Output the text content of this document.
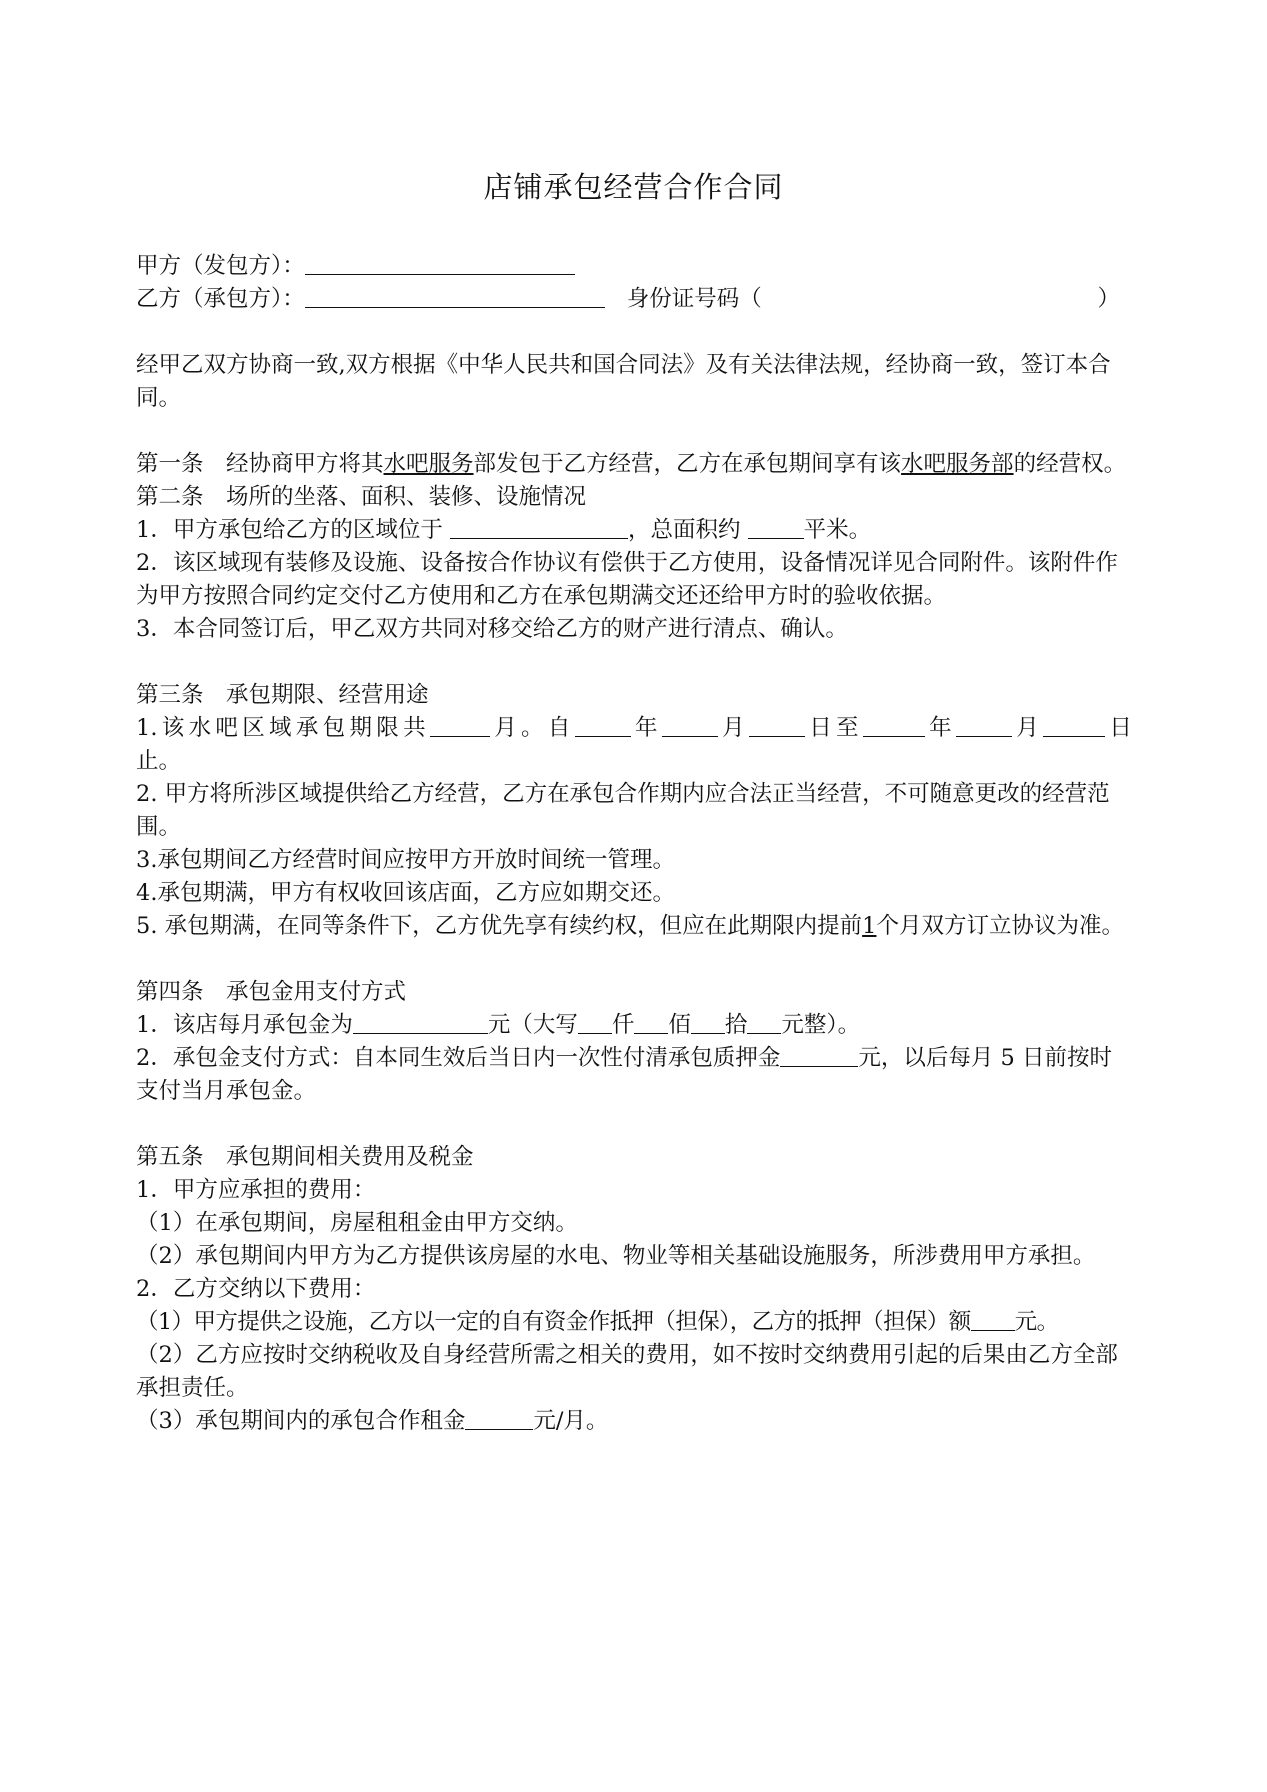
店铺承包经营合作合同

甲方（发包方）：

乙方（承包方）：	身份证号码（	）

经甲乙双方协商一致,双方根据《中华人民共和国合同法》及有关法律法规，经协商一致，签订本合同。

第一条　经协商甲方将其水吧服务部发包于乙方经营，乙方在承包期间享有该水吧服务部的经营权。

第二条　场所的坐落、面积、装修、设施情况

1．甲方承包给乙方的区域位于	，总面积约 平米。

2．该区域现有装修及设施、设备按合作协议有偿供于乙方使用，设备情况详见合同附件。该附件作为甲方按照合同约定交付乙方使用和乙方在承包期满交还还给甲方时的验收依据。

3．本合同签订后，甲乙双方共同对移交给乙方的财产进行清点、确认。

第三条　承包期限、经营用途

1.该水吧区域承包期限共	月。自 年 月 日至	年 月	日

止。

2. 甲方将所涉区域提供给乙方经营，乙方在承包合作期内应合法正当经营，不可随意更改的经营范围。

3.承包期间乙方经营时间应按甲方开放时间统一管理。

4.承包期满，甲方有权收回该店面，乙方应如期交还。

5. 承包期满，在同等条件下，乙方优先享有续约权，但应在此期限内提前1个月双方订立协议为准。

第四条　承包金用支付方式

1．该店每月承包金为	元（大写 仟 佰 拾 元整）。

2．承包金支付方式：自本同生效后当日内一次性付清承包质押金	元，以后每月 5 日前按时支付当月承包金。

第五条　承包期间相关费用及税金

1．甲方应承担的费用：

（1）在承包期间，房屋租租金由甲方交纳。

（2）承包期间内甲方为乙方提供该房屋的水电、物业等相关基础设施服务，所涉费用甲方承担。

2．乙方交纳以下费用：

（1）甲方提供之设施，乙方以一定的自有资金作抵押（担保），乙方的抵押（担保）额 元。

（2）乙方应按时交纳税收及自身经营所需之相关的费用，如不按时交纳费用引起的后果由乙方全部承担责任。

（3）承包期间内的承包合作租金	元/月。
